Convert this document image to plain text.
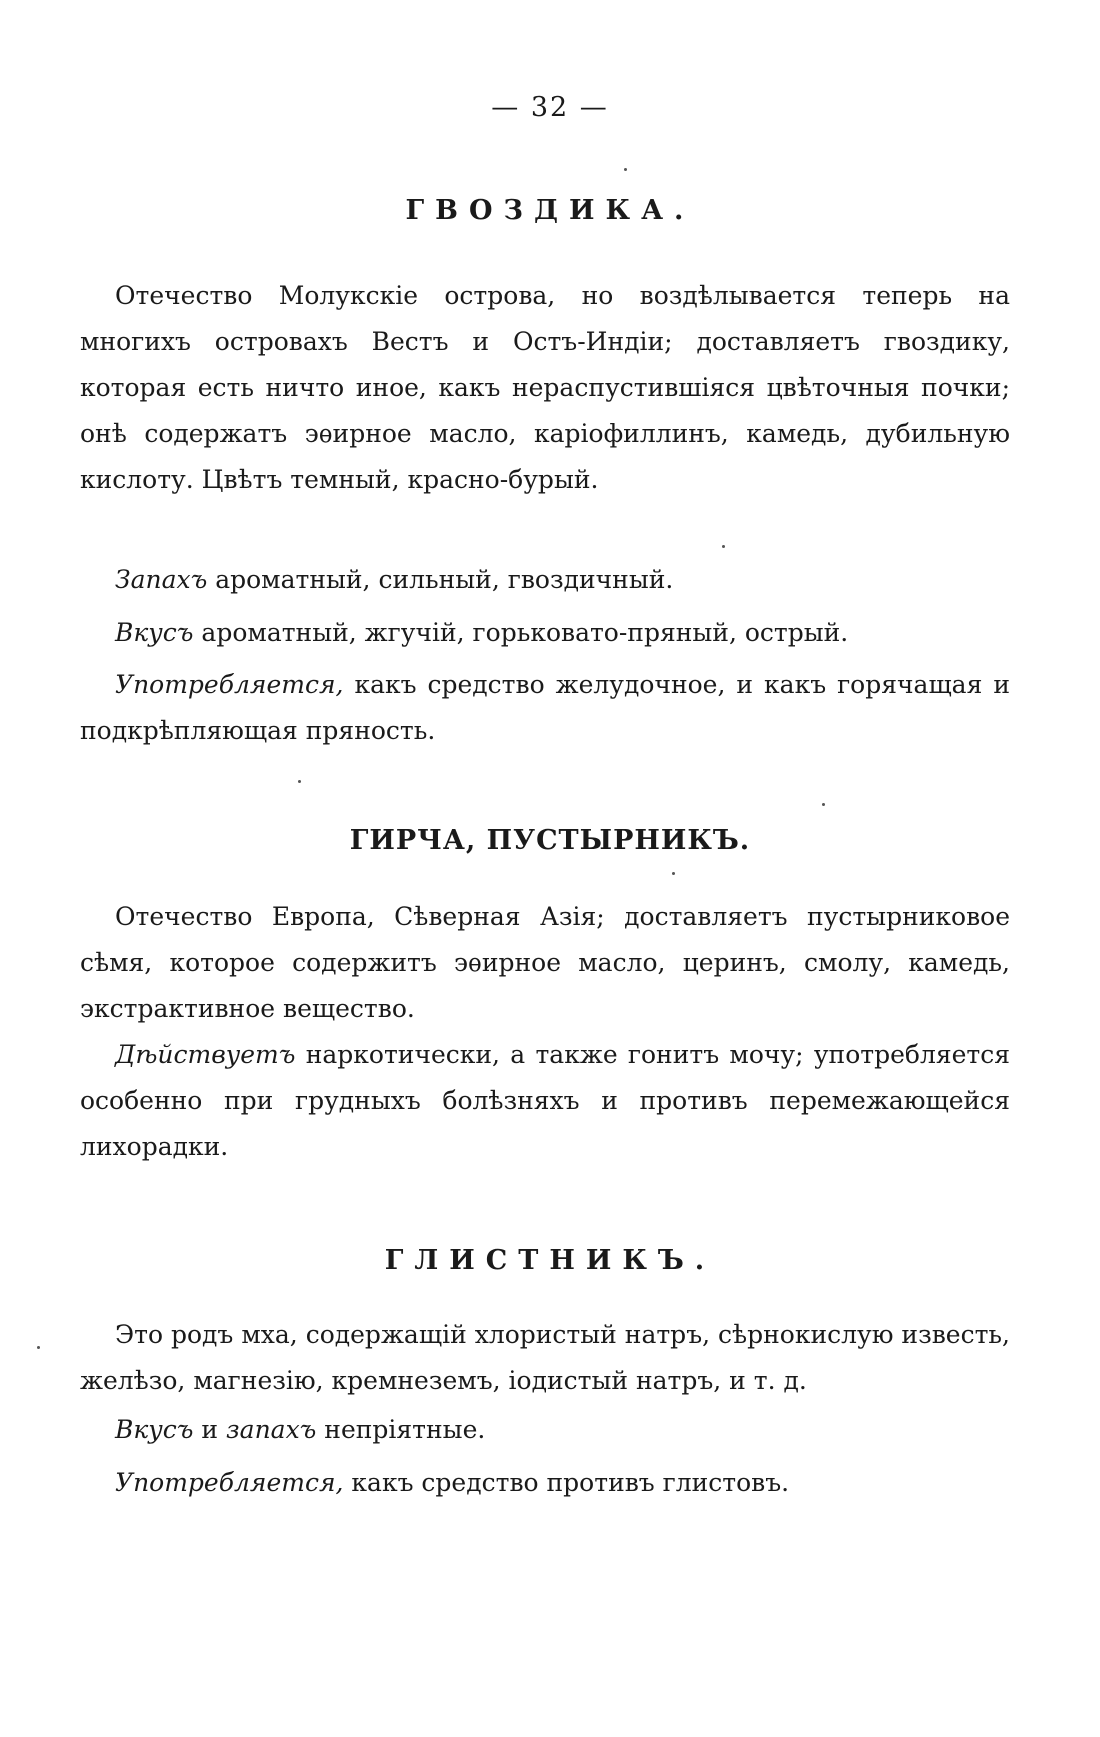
— 32 —
ГВОЗДИКА.

Отечество Молукскіе острова, но воздѣлывается теперь на многихъ островахъ Вестъ и Остъ-Индіи; доставляетъ гвоздику, которая есть ничто иное, какъ нераспустившіяся цвѣточныя почки; онѣ содержатъ эѳирное масло, каріофиллинъ, камедь, дубильную кислоту. Цвѣтъ темный, красно-бурый.

Запахъ ароматный, сильный, гвоздичный.

Вкусъ ароматный, жгучій, горьковато-пряный, острый.

Употребляется, какъ средство желудочное, и какъ горячащая и подкрѣпляющая пряность.

ГИРЧА, ПУСТЫРНИКЪ.

Отечество Европа, Сѣверная Азія; доставляетъ пустырниковое сѣмя, которое содержитъ эѳирное масло, церинъ, смолу, камедь, экстрактивное вещество.

Дѣйствуетъ наркотически, а также гонитъ мочу; употребляется особенно при грудныхъ болѣзняхъ и противъ перемежающейся лихорадки.

ГЛИСТНИКЪ.

Это родъ мха, содержащій хлористый натръ, сѣрнокислую известь, желѣзо, магнезію, кремнеземъ, іодистый натръ, и т. д.

Вкусъ и запахъ непріятные.

Употребляется, какъ средство противъ глистовъ.
